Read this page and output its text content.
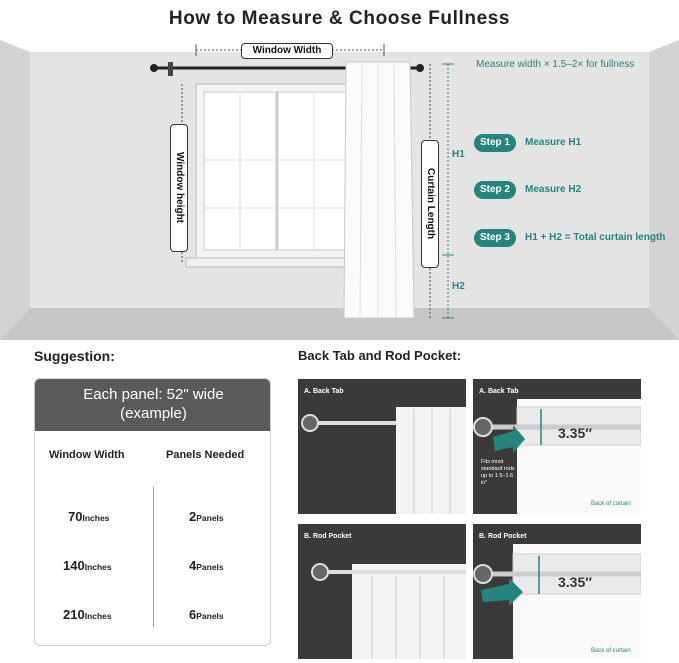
How to Measure & Choose Fullness
Window Width
Window height	Curtain Length
Measure width × 1.5–2× for fullness
H1
H2
Step 1	Measure H1
Step 2	Measure H2
Step 3	H1 + H2 = Total curtain length
Suggestion:
Each panel: 52" wide
(example)
Window Width	Panels Needed
70Inches	2Panels
140Inches	4Panels
210Inches	6Panels
Back Tab and Rod Pocket:
A. Back Tab	A. Back Tab
3.35′′
Fits most standard rods up to 1.5–1.6 in"
Back of curtain
B. Rod Pocket	B. Rod Pocket
3.35′′
Back of curtain
